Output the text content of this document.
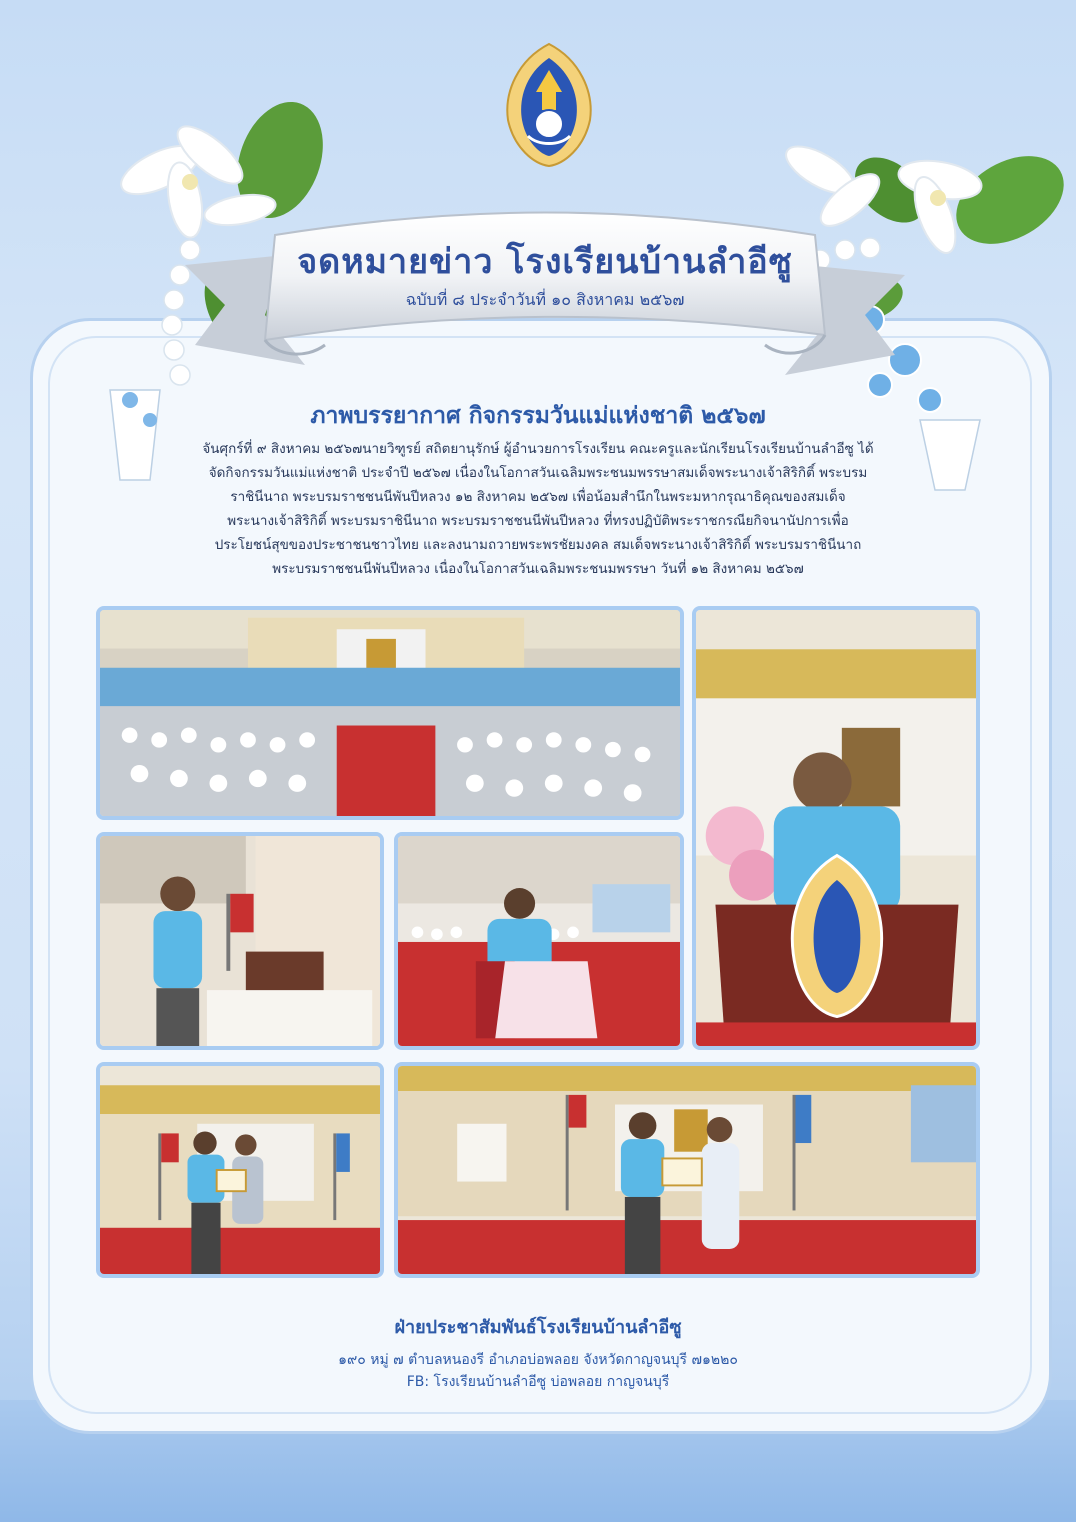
จดหมายข่าว โรงเรียนบ้านลำอีซู
ฉบับที่ ๘ ประจำวันที่ ๑๐ สิงหาคม ๒๕๖๗
ภาพบรรยากาศ กิจกรรมวันแม่แห่งชาติ ๒๕๖๗
จันศุกร์ที่ ๙ สิงหาคม ๒๕๖๗นายวิฑูรย์ สถิตยานุรักษ์ ผู้อำนวยการโรงเรียน คณะครูและนักเรียนโรงเรียนบ้านลำอีซู ได้
จัดกิจกรรมวันแม่แห่งชาติ ประจำปี ๒๕๖๗ เนื่องในโอกาสวันเฉลิมพระชนมพรรษาสมเด็จพระนางเจ้าสิริกิติ์ พระบรม
ราชินีนาถ พระบรมราชชนนีพันปีหลวง ๑๒ สิงหาคม ๒๕๖๗ เพื่อน้อมสำนึกในพระมหากรุณาธิคุณของสมเด็จ
พระนางเจ้าสิริกิติ์ พระบรมราชินีนาถ พระบรมราชชนนีพันปีหลวง ที่ทรงปฏิบัติพระราชกรณียกิจนานัปการเพื่อ
ประโยชน์สุขของประชาชนชาวไทย และลงนามถวายพระพรชัยมงคล สมเด็จพระนางเจ้าสิริกิติ์ พระบรมราชินีนาถ
พระบรมราชชนนีพันปีหลวง เนื่องในโอกาสวันเฉลิมพระชนมพรรษา วันที่ ๑๒ สิงหาคม ๒๕๖๗
ฝ่ายประชาสัมพันธ์โรงเรียนบ้านลำอีซู
๑๙๐ หมู่ ๗ ตำบลหนองรี อำเภอบ่อพลอย จังหวัดกาญจนบุรี ๗๑๒๒๐
FB: โรงเรียนบ้านลำอีซู บ่อพลอย กาญจนบุรี
